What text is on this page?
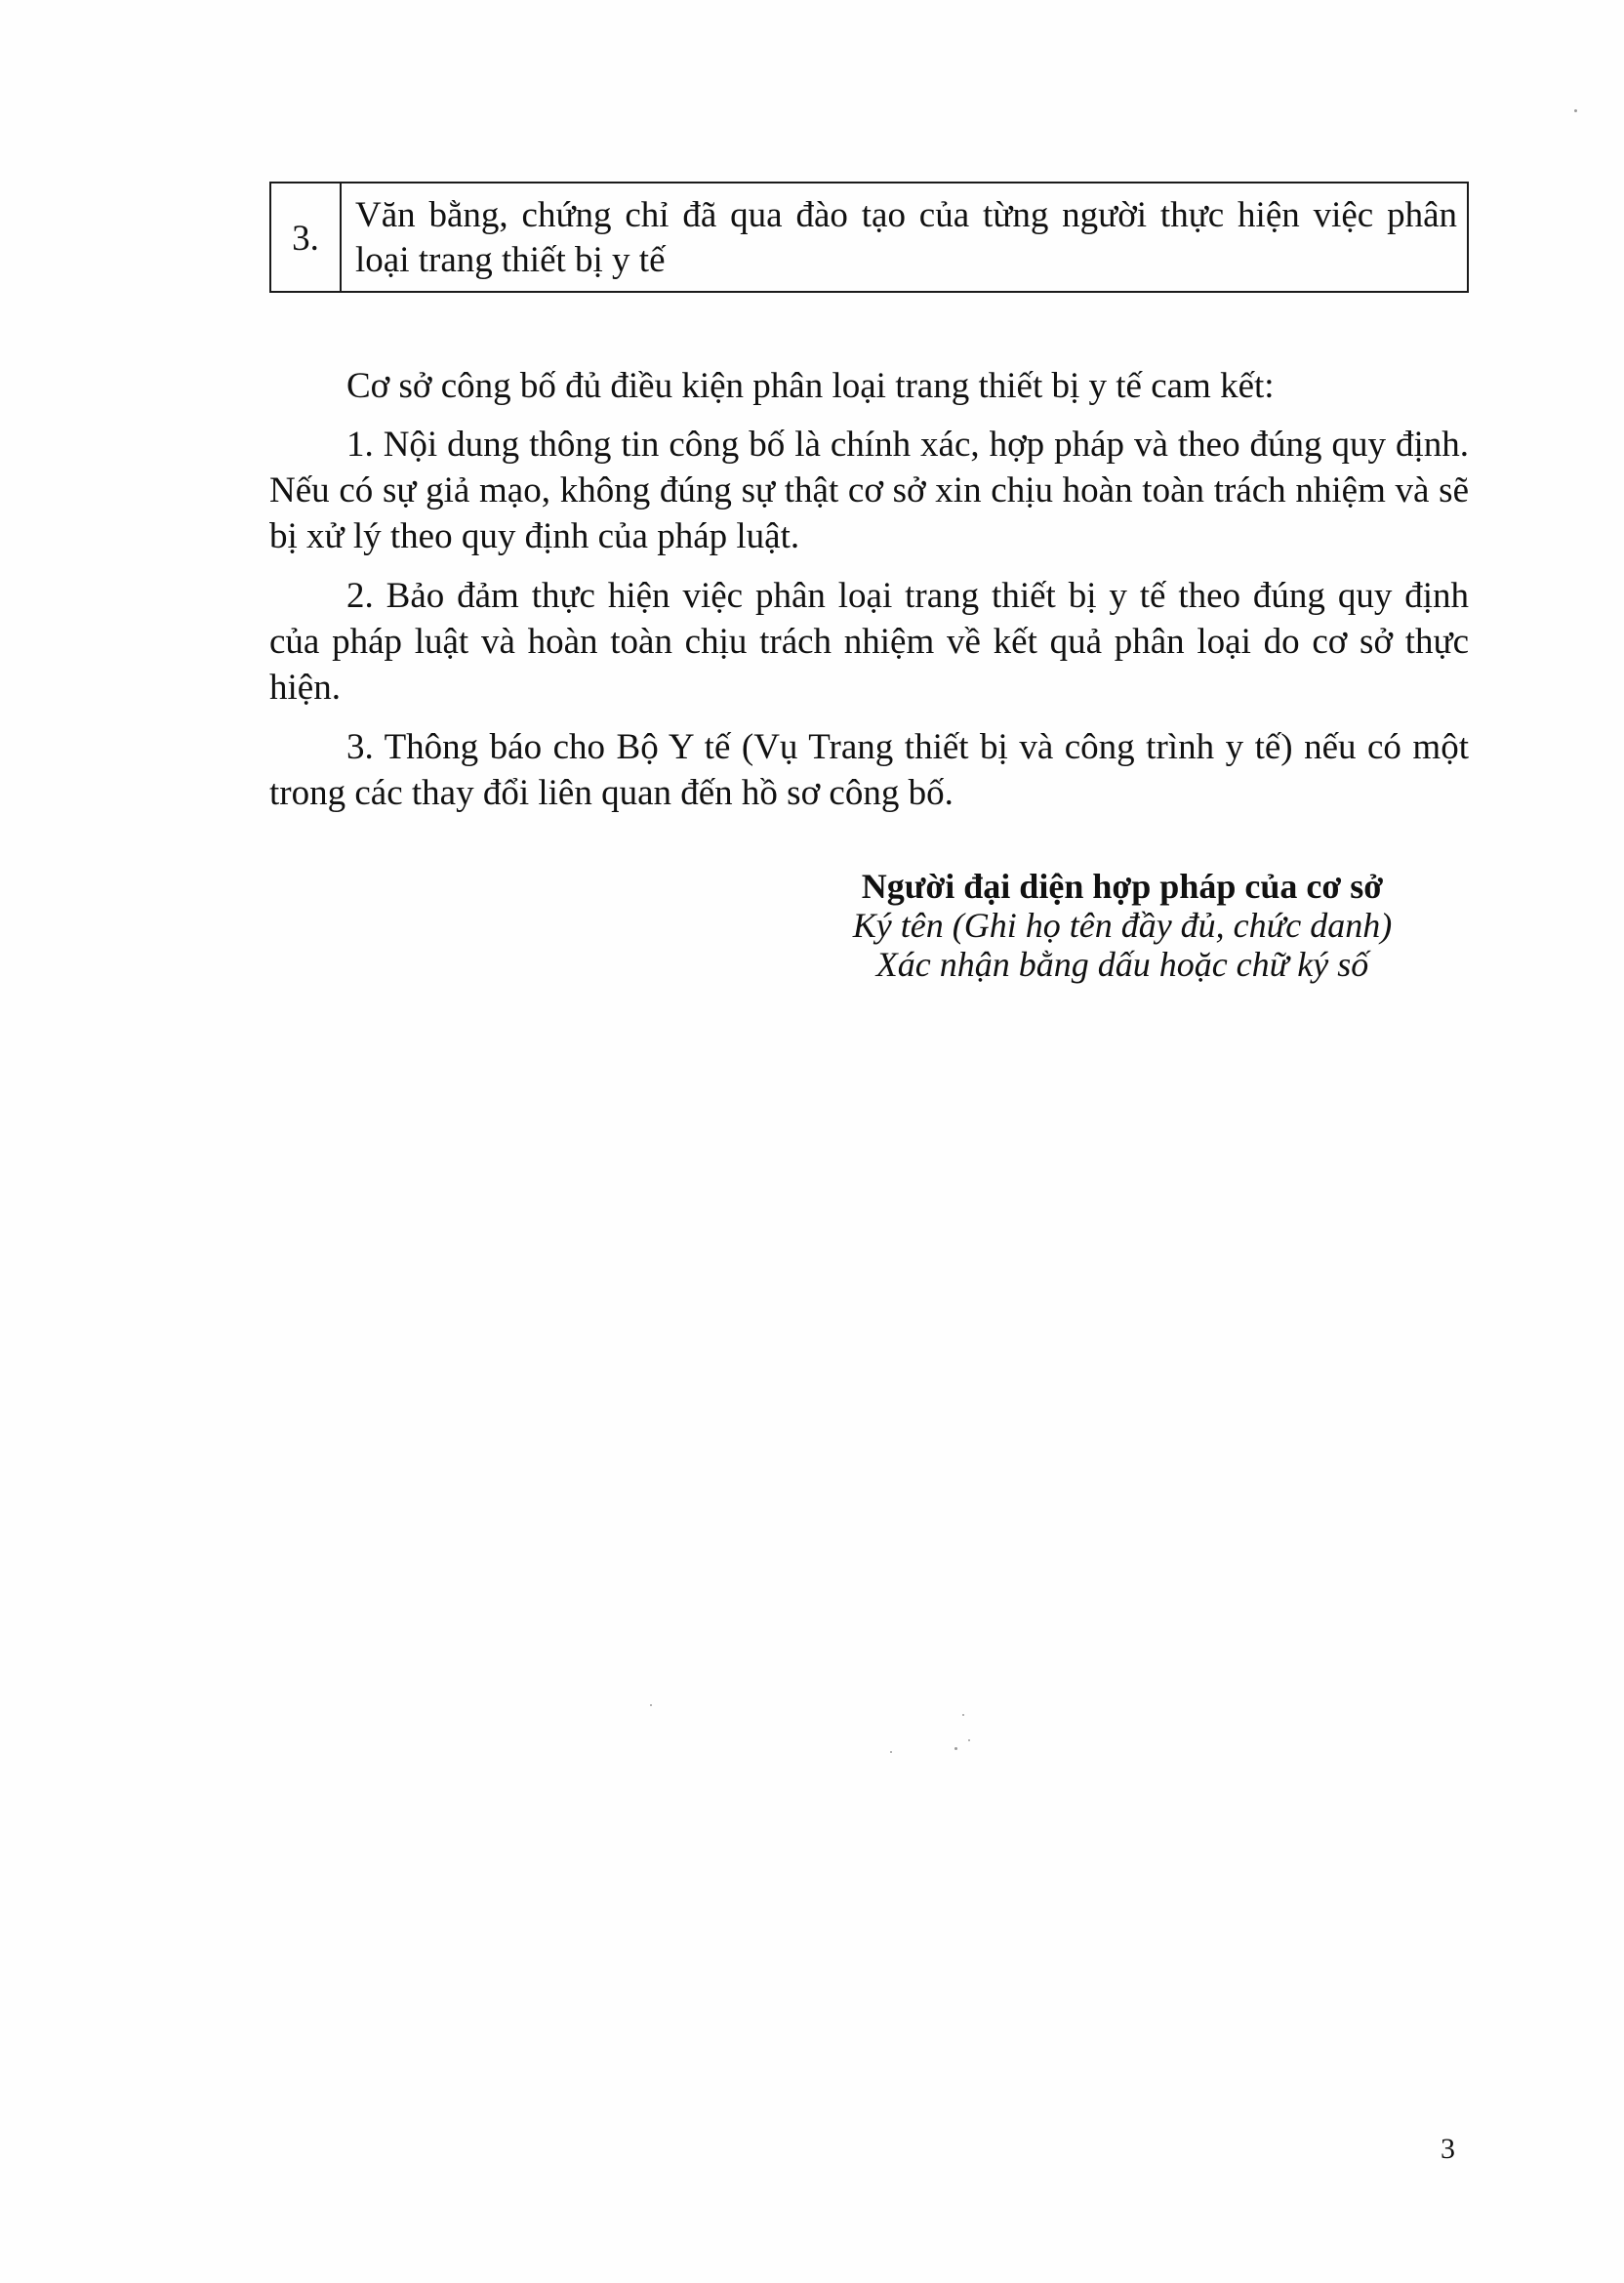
3.	Văn bằng, chứng chỉ đã qua đào tạo của từng người thực hiện việc phân loại trang thiết bị y tế
Cơ sở công bố đủ điều kiện phân loại trang thiết bị y tế cam kết:

1. Nội dung thông tin công bố là chính xác, hợp pháp và theo đúng quy định. Nếu có sự giả mạo, không đúng sự thật cơ sở xin chịu hoàn toàn trách nhiệm và sẽ bị xử lý theo quy định của pháp luật.

2. Bảo đảm thực hiện việc phân loại trang thiết bị y tế theo đúng quy định của pháp luật và hoàn toàn chịu trách nhiệm về kết quả phân loại do cơ sở thực hiện.

3. Thông báo cho Bộ Y tế (Vụ Trang thiết bị và công trình y tế) nếu có một trong các thay đổi liên quan đến hồ sơ công bố.

Người đại diện hợp pháp của cơ sở
Ký tên (Ghi họ tên đầy đủ, chức danh)
Xác nhận bằng dấu hoặc chữ ký số
3
